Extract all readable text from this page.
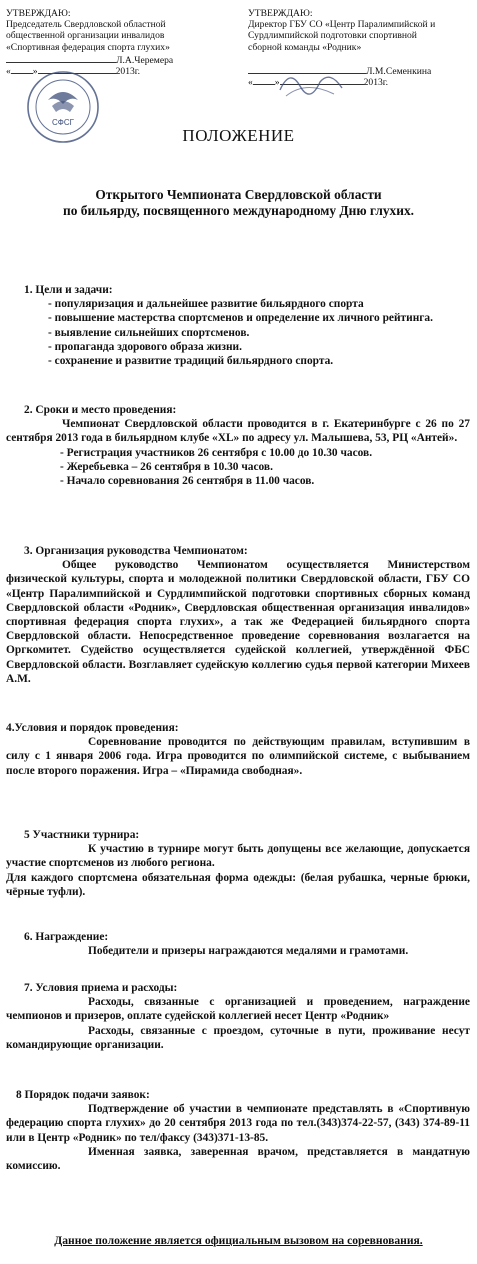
УТВЕРЖДАЮ:
Председатель Свердловской областной
общественной организации инвалидов
«Спортивная федерация спорта глухих»
Л.А.Черемера
« »	2013г.
СФСГ
УТВЕРЖДАЮ:
Директор ГБУ СО «Центр Паралимпийской и
Сурдлимпийской подготовки спортивной
сборной команды «Родник»
Л.М.Семенкина
« »	2013г.
ПОЛОЖЕНИЕ
Открытого Чемпионата Свердловской области
по бильярду, посвященного международному Дню глухих.
1. Цели и задачи:
- популяризация и дальнейшее развитие бильярдного спорта
- повышение мастерства спортсменов и определение их личного рейтинга.
- выявление сильнейших спортсменов.
- пропаганда здорового образа жизни.
- сохранение и развитие традиций бильярдного спорта.
2. Сроки и место проведения:
Чемпионат Свердловской области проводится в г. Екатеринбурге с 26 по 27 сентября 2013 года в бильярдном клубе «XL» по адресу ул. Малышева, 53, РЦ «Антей».
- Регистрация участников 26 сентября с 10.00 до 10.30 часов.
- Жеребьевка – 26 сентября в 10.30 часов.
- Начало соревнования 26 сентября в 11.00 часов.
3. Организация руководства Чемпионатом:
Общее руководство Чемпионатом осуществляется Министерством физической культуры, спорта и молодежной политики Свердловской области, ГБУ СО «Центр Паралимпийской и Сурдлимпийской подготовки спортивных сборных команд Свердловской области «Родник», Свердловская общественная организация инвалидов» спортивная федерация спорта глухих», а так же Федерацией бильярдного спорта Свердловской области. Непосредственное проведение соревнования возлагается на Оргкомитет. Судейство осуществляется судейской коллегией, утверждённой ФБС Свердловской области. Возглавляет судейскую коллегию судья первой категории Михеев А.М.
4.Условия и порядок проведения:
Соревнование проводится по действующим правилам, вступившим в силу с 1 января 2006 года. Игра проводится по олимпийской системе, с выбыванием после второго поражения. Игра – «Пирамида свободная».
5 Участники турнира:
К участию в турнире могут быть допущены все желающие, допускается участие спортсменов из любого региона.
Для каждого спортсмена обязательная форма одежды: (белая рубашка, черные брюки, чёрные туфли).
6. Награждение:
Победители и призеры награждаются медалями и грамотами.
7. Условия приема и расходы:
Расходы, связанные с организацией и проведением, награждение чемпионов и призеров, оплате судейской коллегией несет Центр «Родник»
Расходы, связанные с проездом, суточные в пути, проживание несут командирующие организации.
8 Порядок подачи заявок:
Подтверждение об участии в чемпионате представлять в «Спортивную федерацию спорта глухих» до 20 сентября 2013 года по тел.(343)374-22-57, (343) 374-89-11 или в Центр «Родник» по тел/факсу (343)371-13-85.
Именная заявка, заверенная врачом, представляется в мандатную комиссию.
Данное положение является официальным вызовом на соревнования.
